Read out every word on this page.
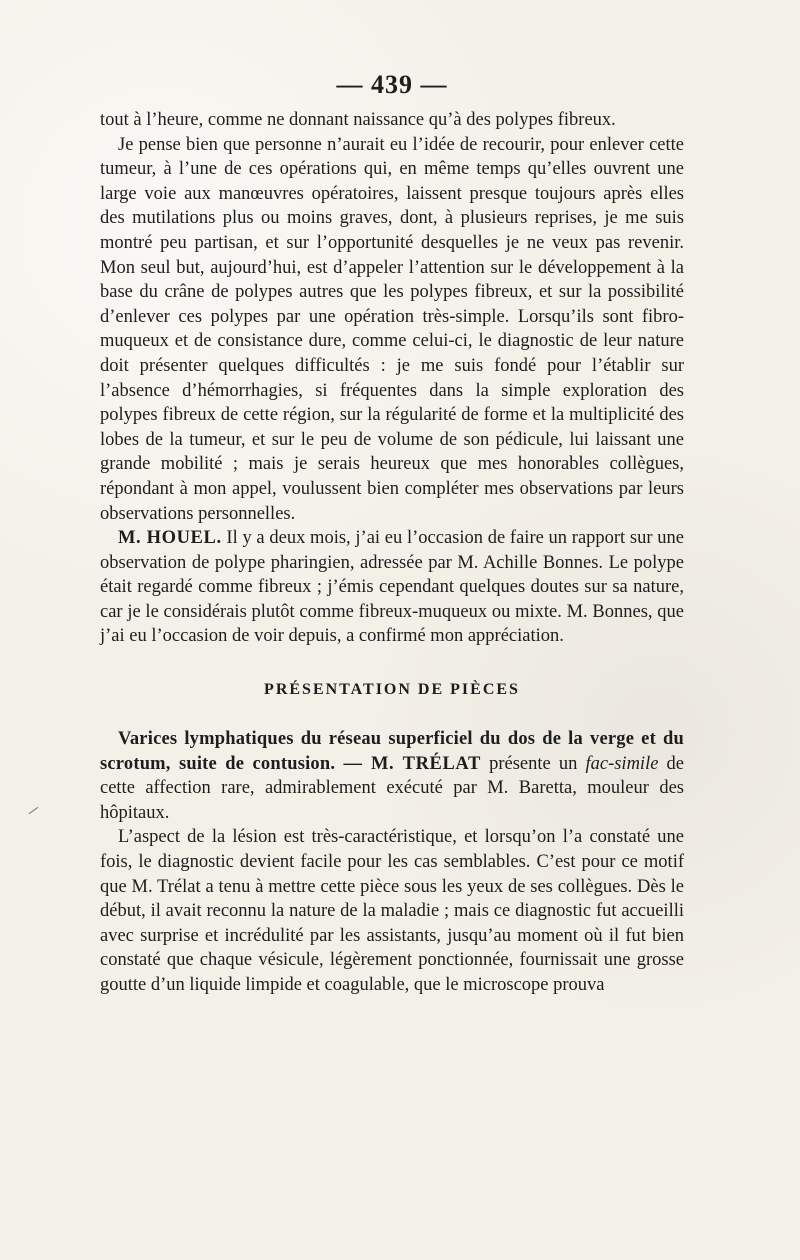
— 439 —

tout à l’heure, comme ne donnant naissance qu’à des polypes fibreux.

Je pense bien que personne n’aurait eu l’idée de recourir, pour enlever cette tumeur, à l’une de ces opérations qui, en même temps qu’elles ouvrent une large voie aux manœuvres opératoires, laissent presque toujours après elles des mutilations plus ou moins graves, dont, à plusieurs reprises, je me suis montré peu partisan, et sur l’opportunité desquelles je ne veux pas revenir. Mon seul but, aujourd’hui, est d’appeler l’attention sur le développement à la base du crâne de polypes autres que les polypes fibreux, et sur la possibilité d’enlever ces polypes par une opération très-simple. Lorsqu’ils sont fibro-muqueux et de consistance dure, comme celui-ci, le diagnostic de leur nature doit présenter quelques difficultés : je me suis fondé pour l’établir sur l’absence d’hémorrhagies, si fréquentes dans la simple exploration des polypes fibreux de cette région, sur la régularité de forme et la multiplicité des lobes de la tumeur, et sur le peu de volume de son pédicule, lui laissant une grande mobilité ; mais je serais heureux que mes honorables collègues, répondant à mon appel, voulussent bien compléter mes observations par leurs observations personnelles.

M. HOUEL. Il y a deux mois, j’ai eu l’occasion de faire un rapport sur une observation de polype pharingien, adressée par M. Achille Bonnes. Le polype était regardé comme fibreux ; j’émis cependant quelques doutes sur sa nature, car je le considérais plutôt comme fibreux-muqueux ou mixte. M. Bonnes, que j’ai eu l’occasion de voir depuis, a confirmé mon appréciation.

PRÉSENTATION DE PIÈCES

Varices lymphatiques du réseau superficiel du dos de la verge et du scrotum, suite de contusion. — M. TRÉLAT présente un fac-simile de cette affection rare, admirablement exécuté par M. Baretta, mouleur des hôpitaux.

L’aspect de la lésion est très-caractéristique, et lorsqu’on l’a constaté une fois, le diagnostic devient facile pour les cas semblables. C’est pour ce motif que M. Trélat a tenu à mettre cette pièce sous les yeux de ses collègues. Dès le début, il avait reconnu la nature de la maladie ; mais ce diagnostic fut accueilli avec surprise et incrédulité par les assistants, jusqu’au moment où il fut bien constaté que chaque vésicule, légèrement ponctionnée, fournissait une grosse goutte d’un liquide limpide et coagulable, que le microscope prouva
